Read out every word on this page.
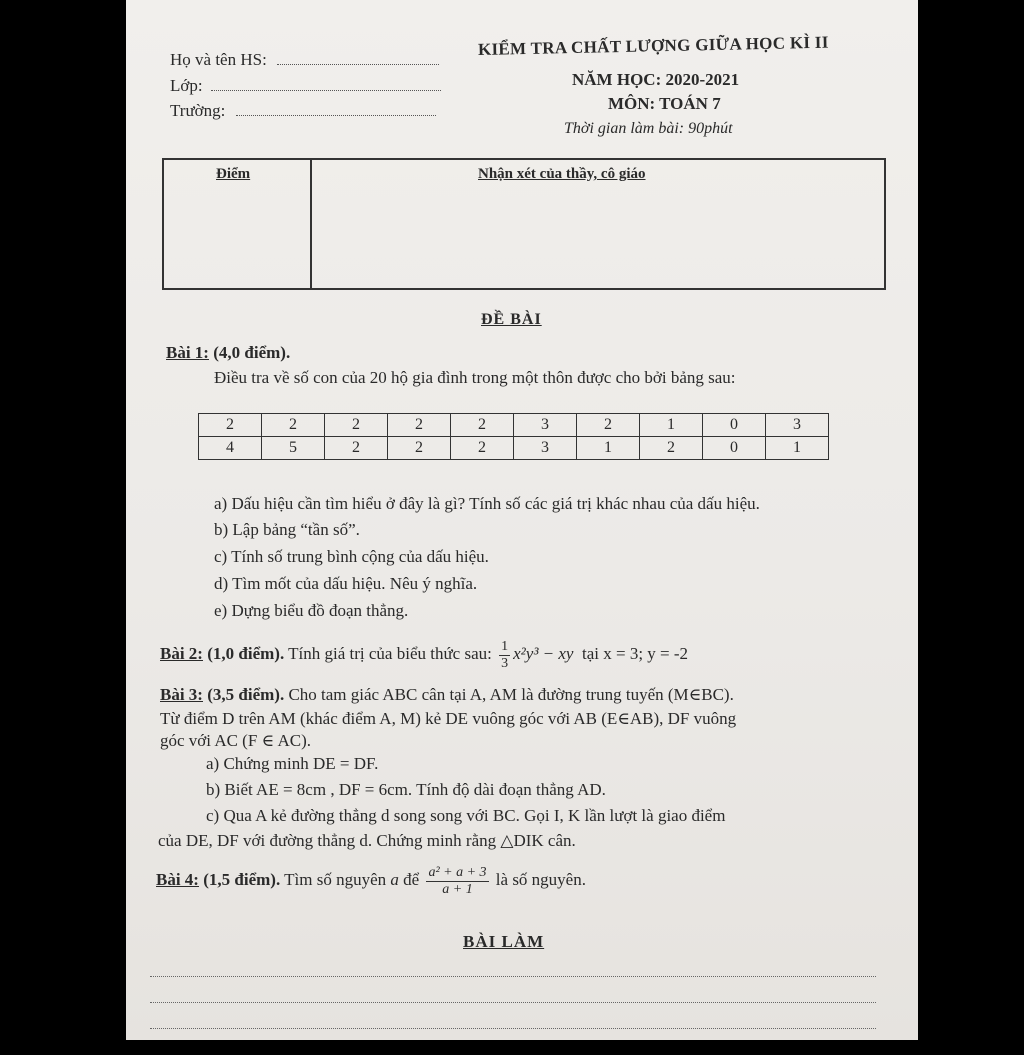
Họ và tên HS:
Lớp:
Trường:
KIỂM TRA CHẤT LƯỢNG GIỮA HỌC KÌ II
NĂM HỌC: 2020-2021
MÔN: TOÁN 7
Thời gian làm bài: 90phút
Điểm	Nhận xét của thầy, cô giáo
ĐỀ BÀI
Bài 1: (4,0 điểm).
Điều tra về số con của 20 hộ gia đình trong một thôn được cho bởi bảng sau:
2	2	2	2	2	3	2	1	0	3
4	5	2	2	2	3	1	2	0	1
a) Dấu hiệu cần tìm hiểu ở đây là gì? Tính số các giá trị khác nhau của dấu hiệu.
b) Lập bảng “tần số”.
c) Tính số trung bình cộng của dấu hiệu.
d) Tìm mốt của dấu hiệu. Nêu ý nghĩa.
e) Dựng biểu đồ đoạn thẳng.
Bài 2: (1,0 điểm). Tính giá trị của biểu thức sau: $\frac{1}{3} x^2y^3$ − xy tại x = 3; y = -2
Bài 3: (3,5 điểm). Cho tam giác ABC cân tại A, AM là đường trung tuyến (M∈BC).
Từ điểm D trên AM (khác điểm A, M) kẻ DE vuông góc với AB (E∈AB), DF vuông
góc với AC (F ∈ AC).
a) Chứng minh DE = DF.
b) Biết AE = 8cm , DF = 6cm. Tính độ dài đoạn thẳng AD.
c) Qua A kẻ đường thẳng d song song với BC. Gọi I, K lần lượt là giao điểm
của DE, DF với đường thẳng d. Chứng minh rằng △DIK cân.
Bài 4: (1,5 điểm). Tìm số nguyên a để $\frac{\text{a² + a + 3}}{a + 1}$ là số nguyên.
BÀI LÀM
